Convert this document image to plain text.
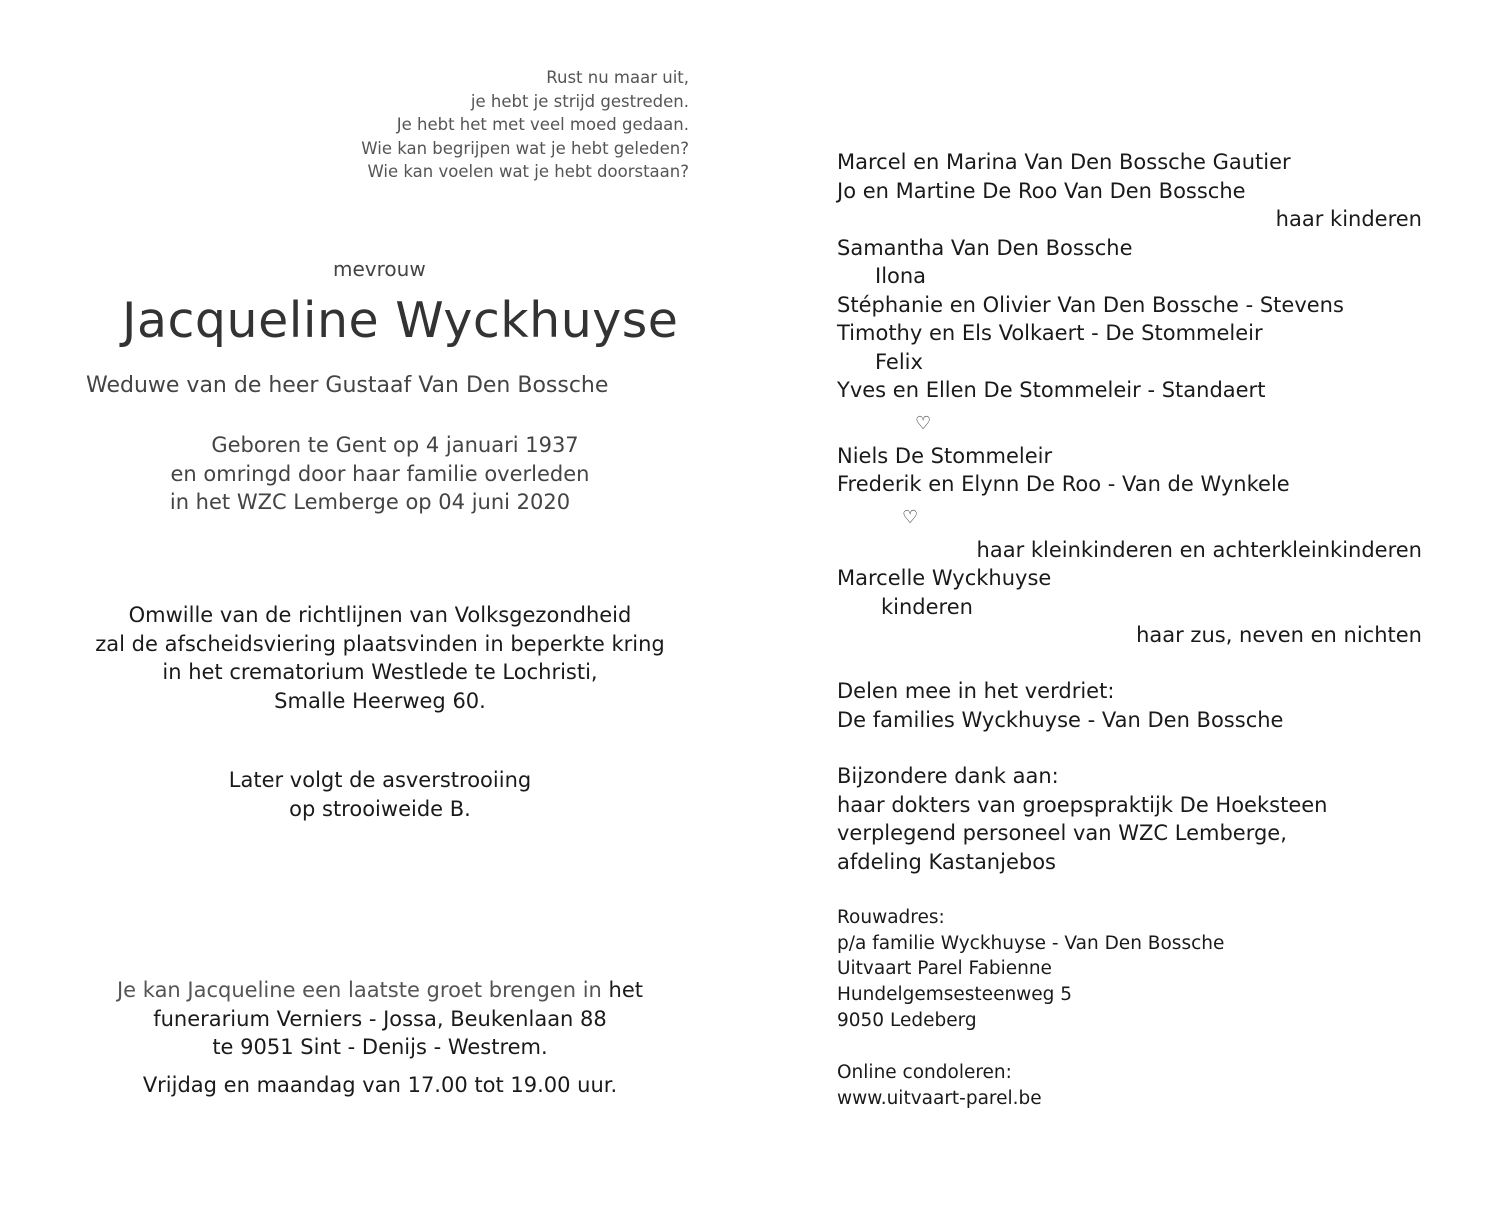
Rust nu maar uit,
je hebt je strijd gestreden.
Je hebt het met veel moed gedaan.
Wie kan begrijpen wat je hebt geleden?
Wie kan voelen wat je hebt doorstaan?
mevrouw
Jacqueline Wyckhuyse
Weduwe van de heer Gustaaf Van Den Bossche
Geboren te Gent op 4 januari 1937
en omringd door haar familie overleden
in het WZC Lemberge op 04 juni 2020
Omwille van de richtlijnen van Volksgezondheid
zal de afscheidsviering plaatsvinden in beperkte kring
in het crematorium Westlede te Lochristi,
Smalle Heerweg 60.
Later volgt de asverstrooiing
op strooiweide B.
Je kan Jacqueline een laatste groet brengen in het
funerarium Verniers - Jossa, Beukenlaan 88
te 9051 Sint - Denijs - Westrem.
Vrijdag en maandag van 17.00 tot 19.00 uur.
Marcel en Marina Van Den Bossche Gautier
Jo en Martine De Roo Van Den Bossche
haar kinderen
Samantha Van Den Bossche
Ilona
Stéphanie en Olivier Van Den Bossche - Stevens
Timothy en Els Volkaert - De Stommeleir
Felix
Yves en Ellen De Stommeleir - Standaert
♡
Niels De Stommeleir
Frederik en Elynn De Roo - Van de Wynkele
♡
haar kleinkinderen en achterkleinkinderen
Marcelle Wyckhuyse
kinderen
haar zus, neven en nichten
Delen mee in het verdriet:
De families Wyckhuyse - Van Den Bossche
Bijzondere dank aan:
haar dokters van groepspraktijk De Hoeksteen
verplegend personeel van WZC Lemberge,
afdeling Kastanjebos
Rouwadres:
p/a familie Wyckhuyse - Van Den Bossche
Uitvaart Parel Fabienne
Hundelgemsesteenweg 5
9050 Ledeberg
Online condoleren:
www.uitvaart-parel.be
